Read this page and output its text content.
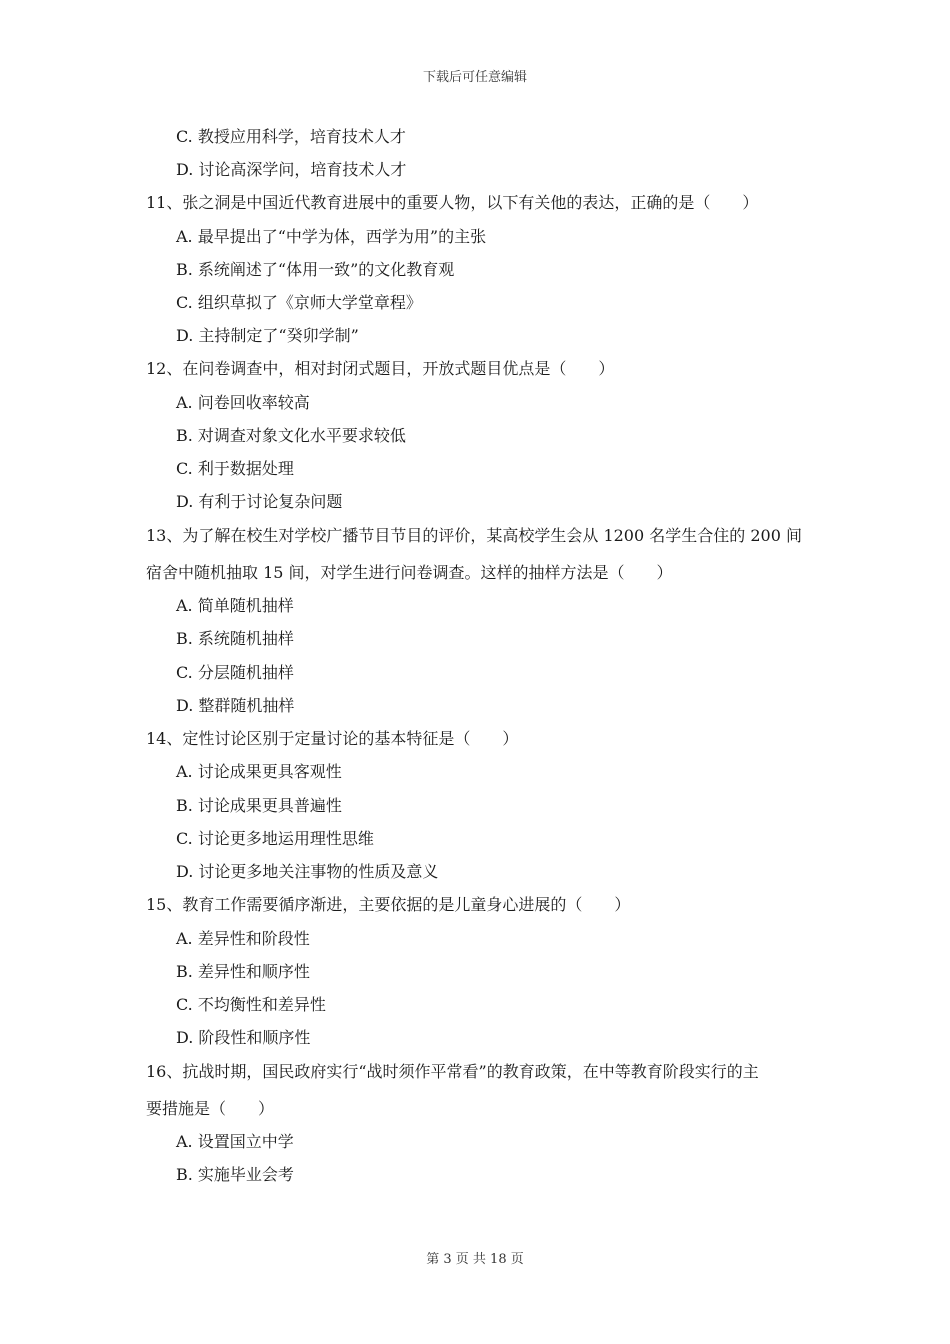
下载后可任意编辑
C. 教授应用科学，培育技术人才
D. 讨论高深学问，培育技术人才
11、张之洞是中国近代教育进展中的重要人物，以下有关他的表达，正确的是（　　）
A. 最早提出了“中学为体，西学为用”的主张
B. 系统阐述了“体用一致”的文化教育观
C. 组织草拟了《京师大学堂章程》
D. 主持制定了“癸卯学制”
12、在问卷调查中，相对封闭式题目，开放式题目优点是（　　）
A. 问卷回收率较高
B. 对调查对象文化水平要求较低
C. 利于数据处理
D. 有利于讨论复杂问题
13、为了解在校生对学校广播节目节目的评价，某高校学生会从 1200 名学生合住的 200 间
宿舍中随机抽取 15 间，对学生进行问卷调查。这样的抽样方法是（　　）
A. 简单随机抽样
B. 系统随机抽样
C. 分层随机抽样
D. 整群随机抽样
14、定性讨论区别于定量讨论的基本特征是（　　）
A. 讨论成果更具客观性
B. 讨论成果更具普遍性
C. 讨论更多地运用理性思维
D. 讨论更多地关注事物的性质及意义
15、教育工作需要循序渐进，主要依据的是儿童身心进展的（　　）
A. 差异性和阶段性
B. 差异性和顺序性
C. 不均衡性和差异性
D. 阶段性和顺序性
16、抗战时期，国民政府实行“战时须作平常看”的教育政策，在中等教育阶段实行的主
要措施是（　　）
A. 设置国立中学
B. 实施毕业会考
第 3 页 共 18 页
